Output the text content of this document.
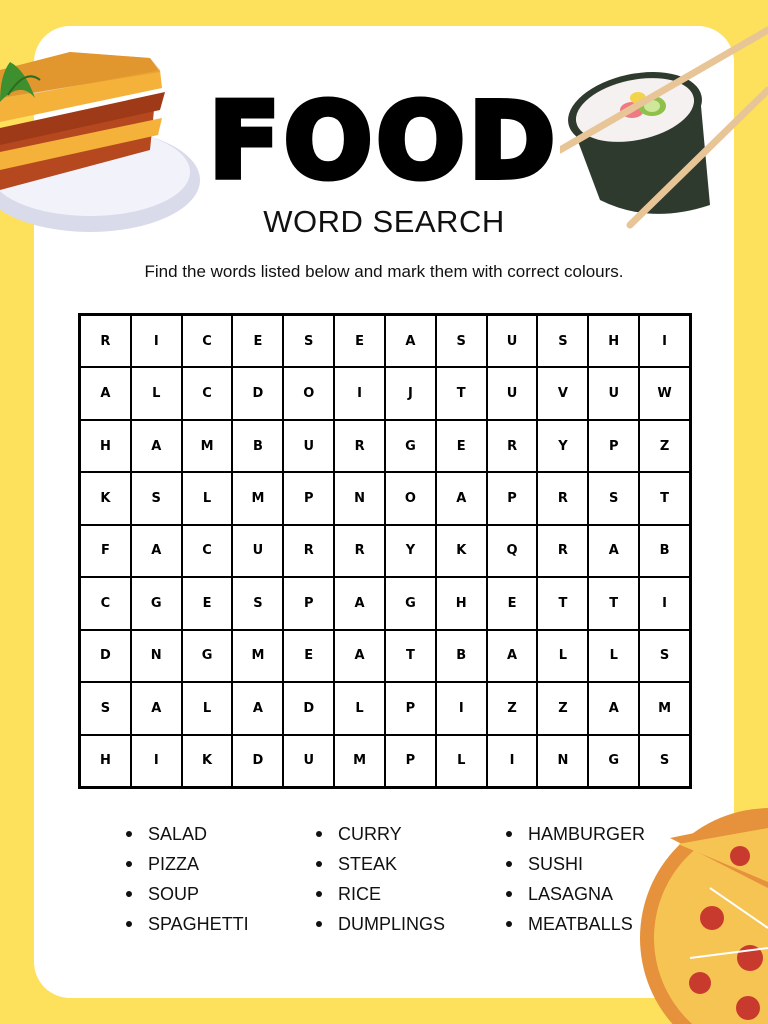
FOOD
WORD SEARCH
Find the words listed below and mark them with correct colours.
R	I	C	E	S	E	A	S	U	S	H	I
A	L	C	D	O	I	J	T	U	V	U	W
H	A	M	B	U	R	G	E	R	Y	P	Z
K	S	L	M	P	N	O	A	P	R	S	T
F	A	C	U	R	R	Y	K	Q	R	A	B
C	G	E	S	P	A	G	H	E	T	T	I
D	N	G	M	E	A	T	B	A	L	L	S
S	A	L	A	D	L	P	I	Z	Z	A	M
H	I	K	D	U	M	P	L	I	N	G	S
SALAD
PIZZA
SOUP
SPAGHETTI
CURRY
STEAK
RICE
DUMPLINGS
HAMBURGER
SUSHI
LASAGNA
MEATBALLS
